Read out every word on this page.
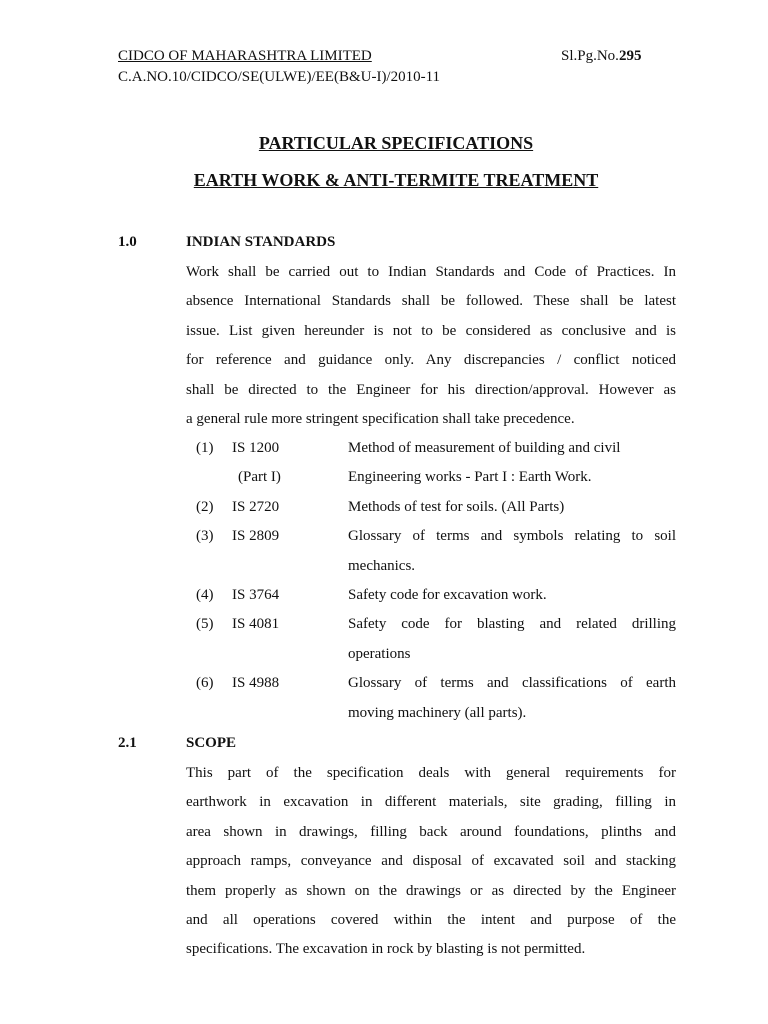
CIDCO OF MAHARASHTRA LIMITED
C.A.NO.10/CIDCO/SE(ULWE)/EE(B&U-I)/2010-11
Sl.Pg.No.295
PARTICULAR SPECIFICATIONS
EARTH WORK & ANTI-TERMITE TREATMENT
1.0	INDIAN STANDARDS
Work shall be carried out to Indian Standards and Code of Practices. In
absence International Standards shall be followed. These shall be latest
issue. List given hereunder is not to be considered as conclusive and is
for reference and guidance only. Any discrepancies / conflict noticed
shall be directed to the Engineer for his direction/approval. However as
a general rule more stringent specification shall take precedence.
(1) IS 1200	Method of measurement of building and civil
(Part I)	Engineering works - Part I : Earth Work.
(2) IS 2720	Methods of test for soils. (All Parts)
(3) IS 2809	Glossary of terms and symbols relating to soil
mechanics.
(4) IS 3764	Safety code for excavation work.
(5) IS 4081	Safety code for blasting and related drilling
operations
(6) IS 4988	Glossary of terms and classifications of earth
moving machinery (all parts).
2.1	SCOPE
This part of the specification deals with general requirements for
earthwork in excavation in different materials, site grading, filling in
area shown in drawings, filling back around foundations, plinths and
approach ramps, conveyance and disposal of excavated soil and stacking
them properly as shown on the drawings or as directed by the Engineer
and all operations covered within the intent and purpose of the
specifications. The excavation in rock by blasting is not permitted.
